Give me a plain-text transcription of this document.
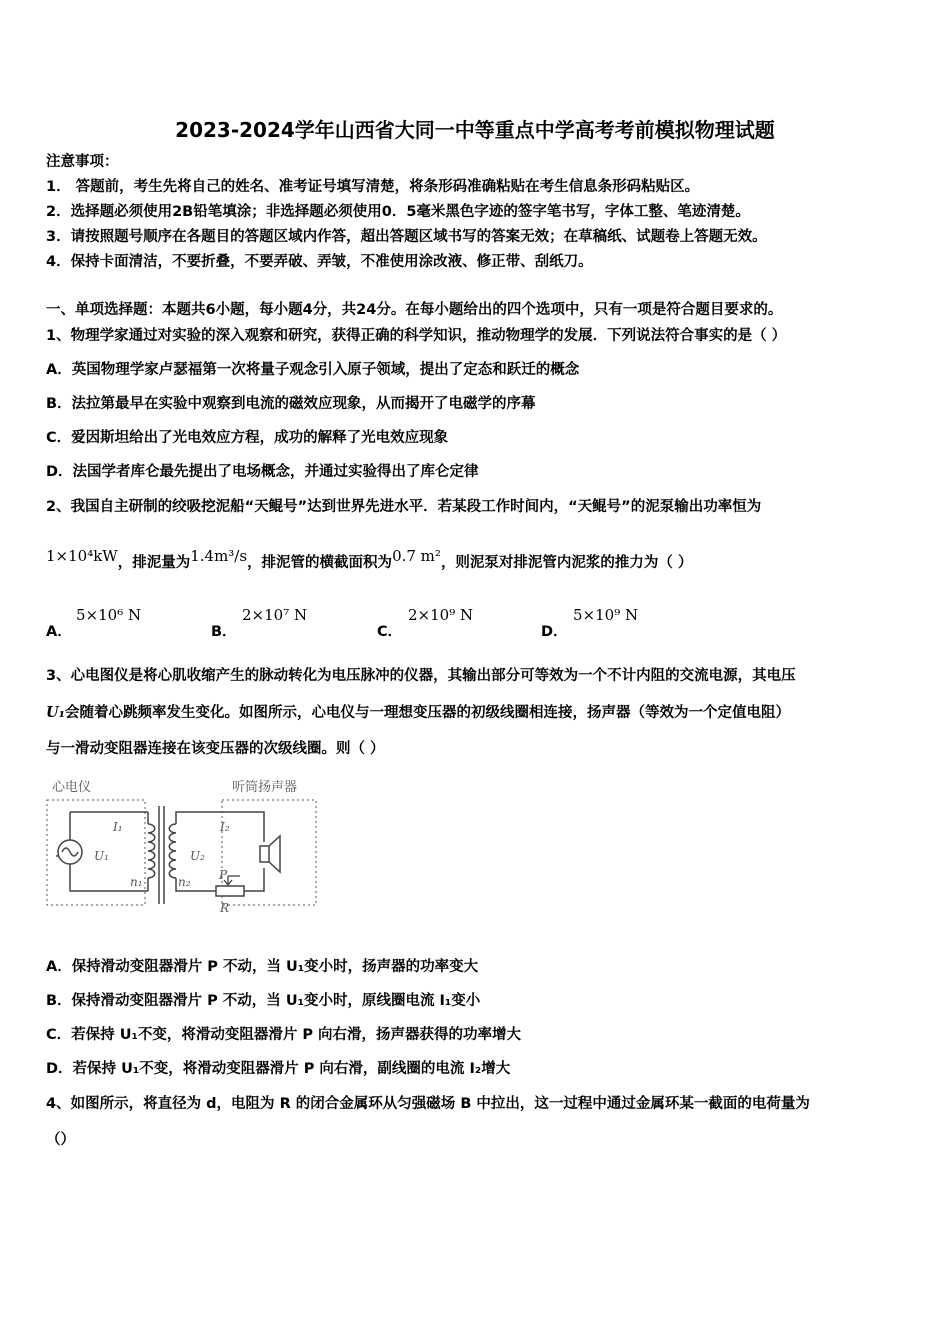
2023-2024学年山西省大同一中等重点中学高考考前模拟物理试题
注意事项：
1． 答题前，考生先将自己的姓名、准考证号填写清楚，将条形码准确粘贴在考生信息条形码粘贴区。
2．选择题必须使用2B铅笔填涂；非选择题必须使用0．5毫米黑色字迹的签字笔书写，字体工整、笔迹清楚。
3．请按照题号顺序在各题目的答题区域内作答，超出答题区域书写的答案无效；在草稿纸、试题卷上答题无效。
4．保持卡面清洁，不要折叠，不要弄破、弄皱，不准使用涂改液、修正带、刮纸刀。
一、单项选择题：本题共6小题，每小题4分，共24分。在每小题给出的四个选项中，只有一项是符合题目要求的。
1、物理学家通过对实验的深入观察和研究，获得正确的科学知识，推动物理学的发展．下列说法符合事实的是（ ）
A．英国物理学家卢瑟福第一次将量子观念引入原子领域，提出了定态和跃迁的概念
B．法拉第最早在实验中观察到电流的磁效应现象，从而揭开了电磁学的序幕
C．爱因斯坦给出了光电效应方程，成功的解释了光电效应现象
D．法国学者库仑最先提出了电场概念，并通过实验得出了库仑定律
2、我国自主研制的绞吸挖泥船“天鲲号”达到世界先进水平．若某段工作时间内，“天鲲号”的泥泵输出功率恒为
1×10⁴kW，排泥量为1.4m³/s，排泥管的横截面积为0.7 m²，则泥泵对排泥管内泥浆的推力为（ ）
A．
5×10⁶ N
B．
2×10⁷ N
C．
2×10⁹ N
D．
5×10⁹ N
3、心电图仪是将心肌收缩产生的脉动转化为电压脉冲的仪器，其输出部分可等效为一个不计内阻的交流电源，其电压
U₁会随着心跳频率发生变化。如图所示，心电仪与一理想变压器的初级线圈相连接，扬声器（等效为一个定值电阻）
与一滑动变阻器连接在该变压器的次级线圈。则（ ）
心电仪	听筒扬声器
I₁
U₁
n₁
I₂
U₂
n₂ P
R
A．保持滑动变阻器滑片 P 不动，当 U₁变小时，扬声器的功率变大
B．保持滑动变阻器滑片 P 不动，当 U₁变小时，原线圈电流 I₁变小
C．若保持 U₁不变，将滑动变阻器滑片 P 向右滑，扬声器获得的功率增大
D．若保持 U₁不变，将滑动变阻器滑片 P 向右滑，副线圈的电流 I₂增大
4、如图所示，将直径为 d，电阻为 R 的闭合金属环从匀强磁场 B 中拉出，这一过程中通过金属环某一截面的电荷量为
（）
